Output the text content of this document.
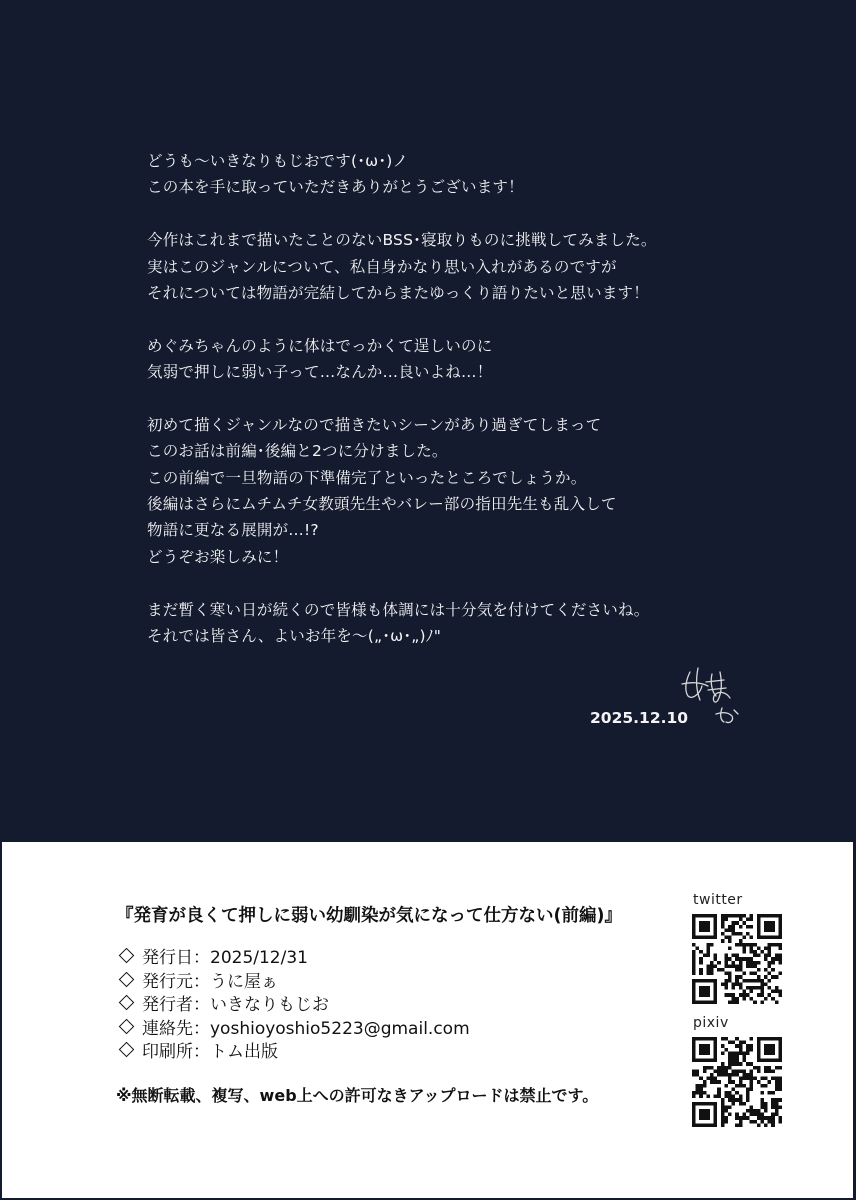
どうも〜いきなりもじおです(･ω･)ノ
この本を手に取っていただきありがとうございます！
今作はこれまで描いたことのないBSS･寝取りものに挑戦してみました。
実はこのジャンルについて、私自身かなり思い入れがあるのですが
それについては物語が完結してからまたゆっくり語りたいと思います！
めぐみちゃんのように体はでっかくて逞しいのに
気弱で押しに弱い子って…なんか…良いよね…！
初めて描くジャンルなので描きたいシーンがあり過ぎてしまって
このお話は前編･後編と2つに分けました。
この前編で一旦物語の下準備完了といったところでしょうか。
後編はさらにムチムチ女教頭先生やバレー部の指田先生も乱入して
物語に更なる展開が…!?
どうぞお楽しみに！
まだ暫く寒い日が続くので皆様も体調には十分気を付けてくださいね。
それでは皆さん、よいお年を〜(„･ω･„)ﾉ"
2025.12.10
『発育が良くて押しに弱い幼馴染が気になって仕方ない(前編)』
発行日：2025/12/31
発行元：うに屋ぁ
発行者：いきなりもじお
連絡先：yoshioyoshio5223@gmail.com
印刷所：トム出版
※無断転載、複写、web上への許可なきアップロードは禁止です。
twitter
pixiv
